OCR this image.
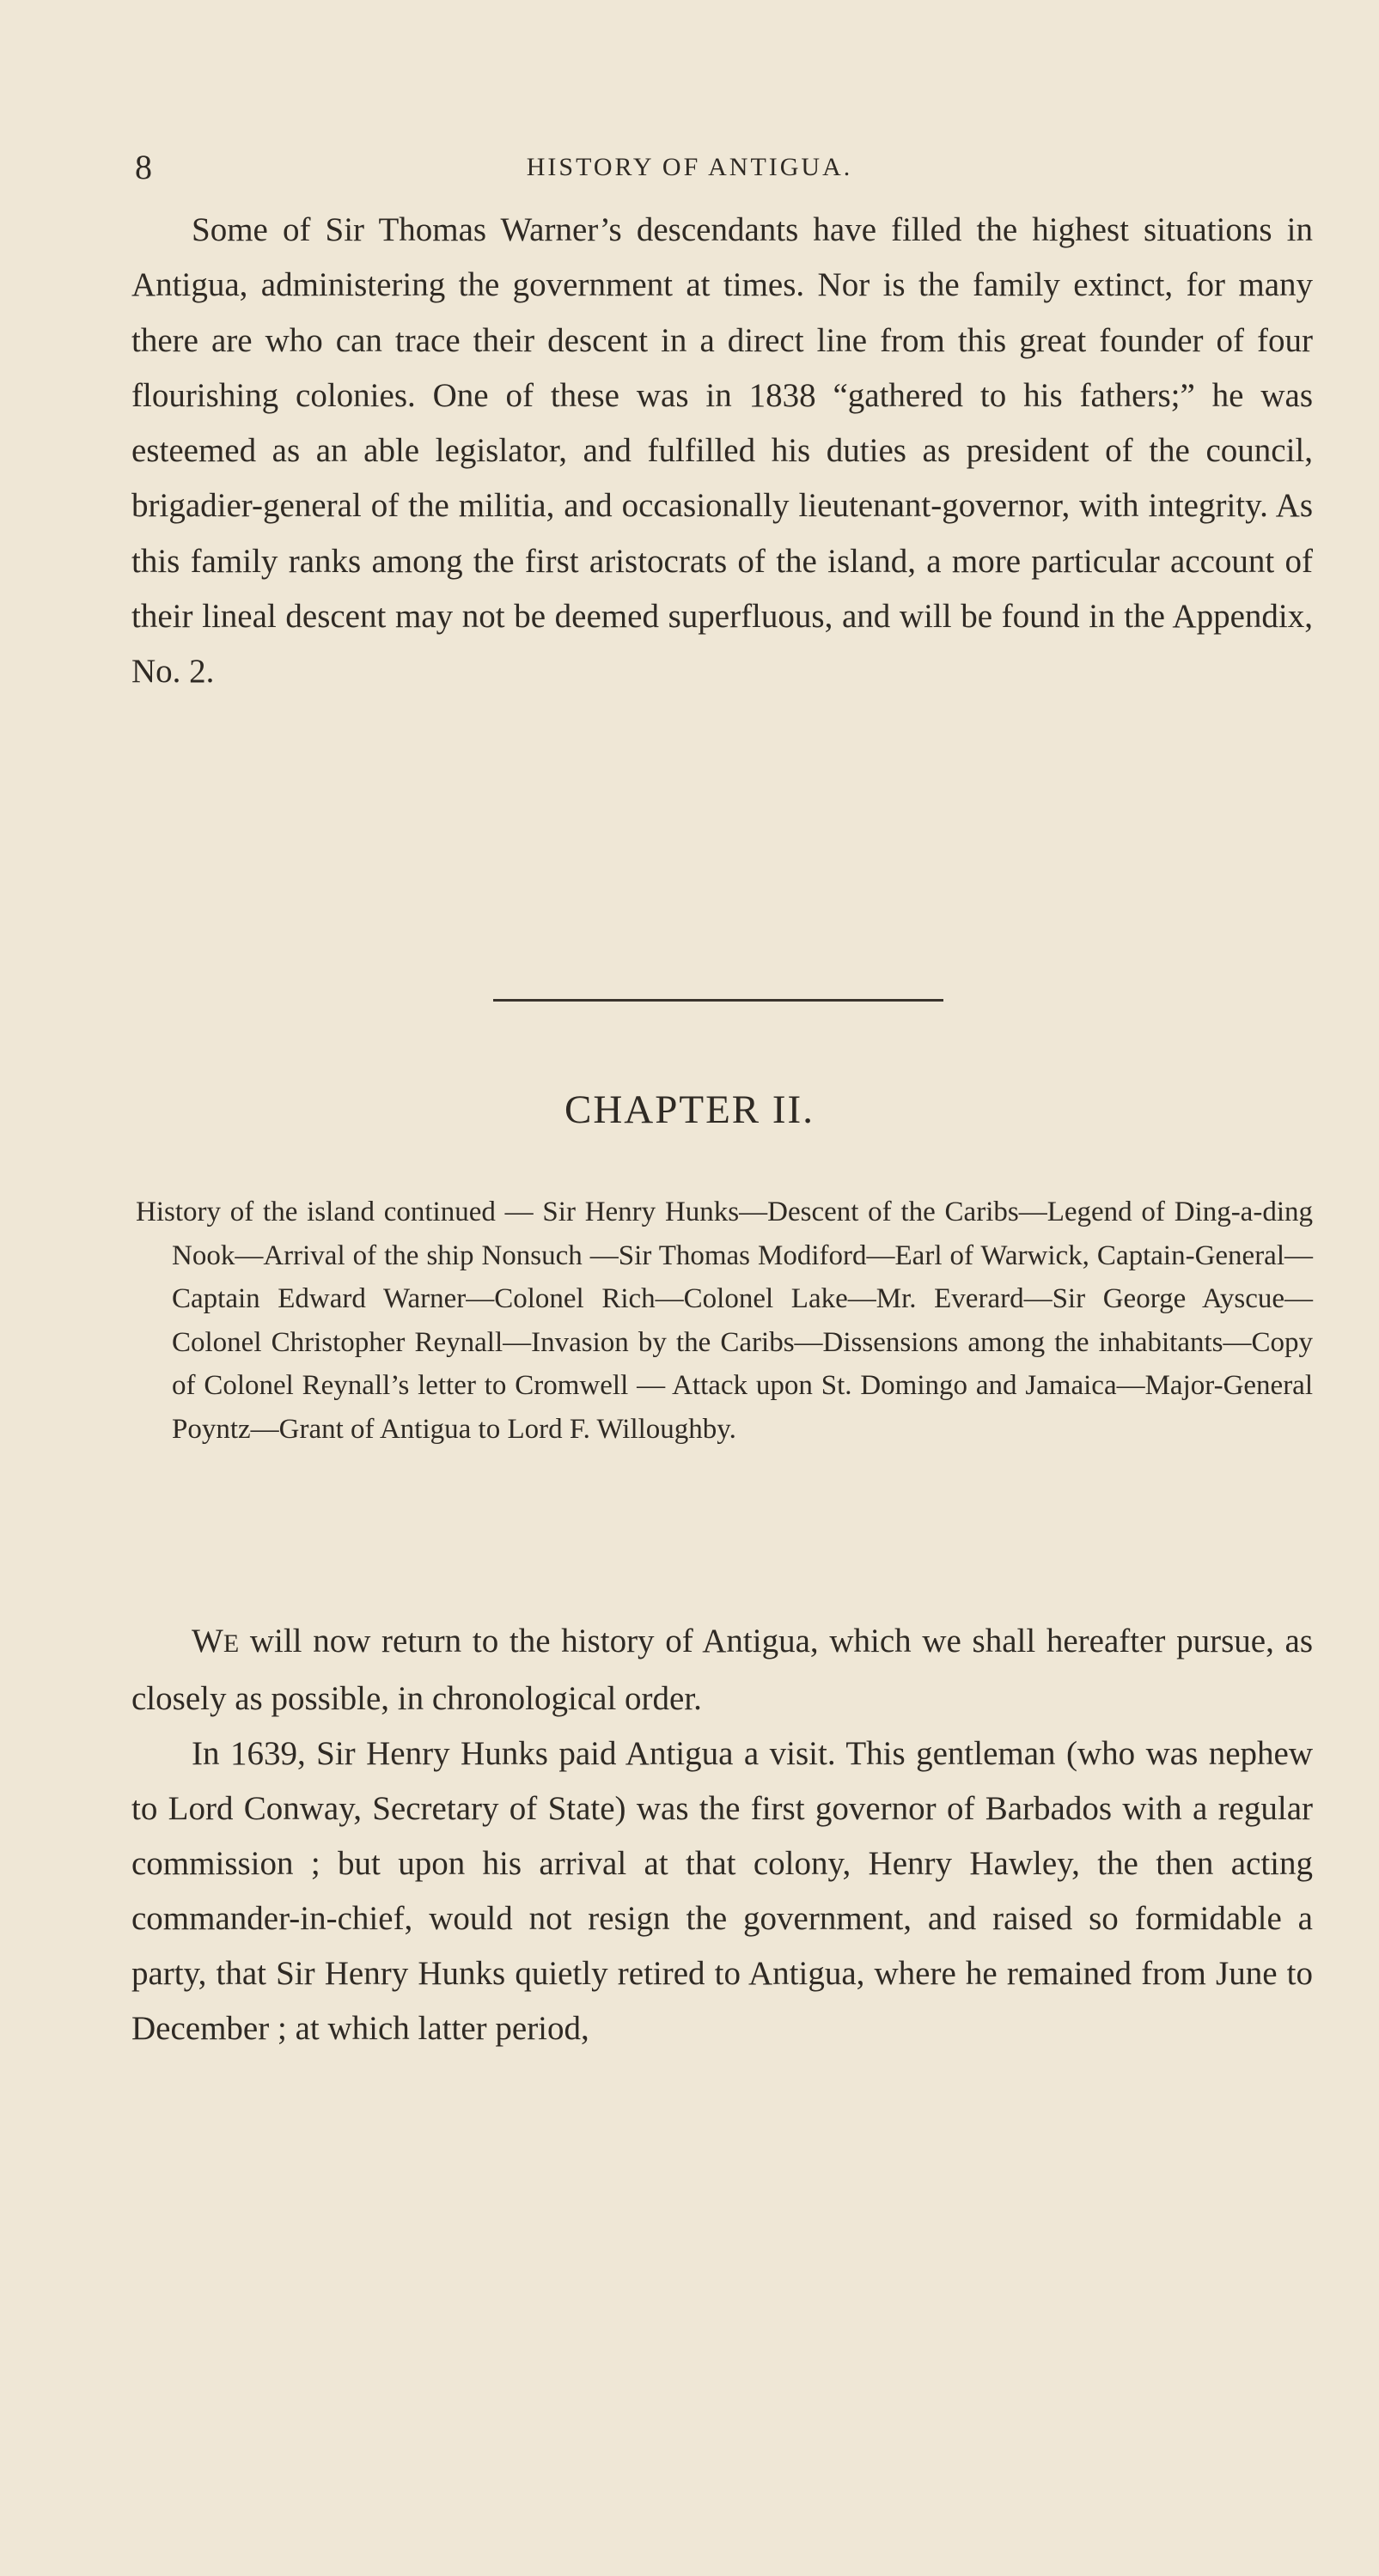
8	HISTORY OF ANTIGUA.

Some of Sir Thomas Warner’s descendants have filled the highest situations in Antigua, administering the government at times. Nor is the family extinct, for many there are who can trace their descent in a direct line from this great founder of four flourishing colonies. One of these was in 1838 “gathered to his fathers;” he was esteemed as an able legislator, and fulfilled his duties as president of the council, brigadier-general of the militia, and occasionally lieutenant-governor, with integrity. As this family ranks among the first aristocrats of the island, a more particular account of their lineal descent may not be deemed superfluous, and will be found in the Appendix, No. 2.

CHAPTER II.
History of the island continued — Sir Henry Hunks—Descent of the Caribs—Legend of Ding-a-ding Nook—Arrival of the ship Nonsuch —Sir Thomas Modiford—Earl of Warwick, Captain-General—Captain Edward Warner—Colonel Rich—Colonel Lake—Mr. Everard—Sir George Ayscue—Colonel Christopher Reynall—Invasion by the Caribs—Dissensions among the inhabitants—Copy of Colonel Reynall’s letter to Cromwell — Attack upon St. Domingo and Jamaica—Major-General Poyntz—Grant of Antigua to Lord F. Willoughby.

WE will now return to the history of Antigua, which we shall hereafter pursue, as closely as possible, in chronological order.

In 1639, Sir Henry Hunks paid Antigua a visit. This gentleman (who was nephew to Lord Conway, Secretary of State) was the first governor of Barbados with a regular commission ; but upon his arrival at that colony, Henry Hawley, the then acting commander-in-chief, would not resign the government, and raised so formidable a party, that Sir Henry Hunks quietly retired to Antigua, where he remained from June to December ; at which latter period,
